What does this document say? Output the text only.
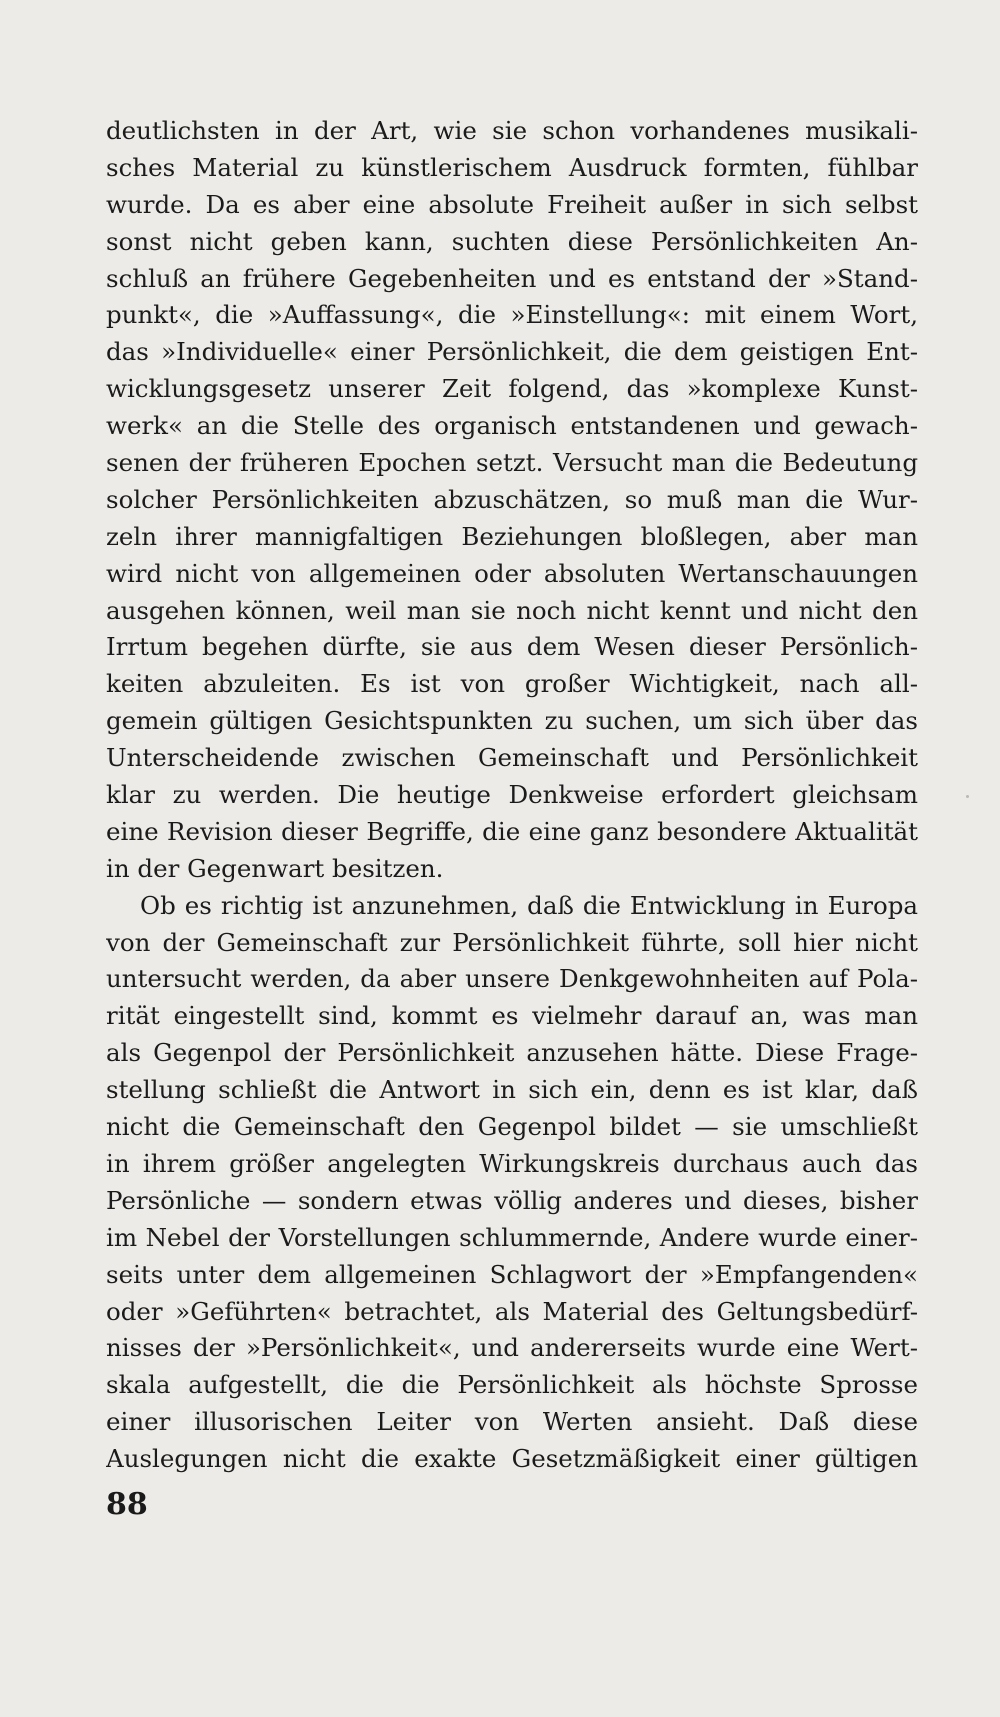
deutlichsten in der Art, wie sie schon vorhandenes musikali-
sches Material zu künstlerischem Ausdruck formten, fühlbar
wurde. Da es aber eine absolute Freiheit außer in sich selbst
sonst nicht geben kann, suchten diese Persönlichkeiten An-
schluß an frühere Gegebenheiten und es entstand der »Stand-
punkt«, die »Auffassung«, die »Einstellung«: mit einem Wort,
das »Individuelle« einer Persönlichkeit, die dem geistigen Ent-
wicklungsgesetz unserer Zeit folgend, das »komplexe Kunst-
werk« an die Stelle des organisch entstandenen und gewach-
senen der früheren Epochen setzt. Versucht man die Bedeutung
solcher Persönlichkeiten abzuschätzen, so muß man die Wur-
zeln ihrer mannigfaltigen Beziehungen bloßlegen, aber man
wird nicht von allgemeinen oder absoluten Wertanschauungen
ausgehen können, weil man sie noch nicht kennt und nicht den
Irrtum begehen dürfte, sie aus dem Wesen dieser Persönlich-
keiten abzuleiten. Es ist von großer Wichtigkeit, nach all-
gemein gültigen Gesichtspunkten zu suchen, um sich über das
Unterscheidende zwischen Gemeinschaft und Persönlichkeit
klar zu werden. Die heutige Denkweise erfordert gleichsam
eine Revision dieser Begriffe, die eine ganz besondere Aktualität
in der Gegenwart besitzen.
Ob es richtig ist anzunehmen, daß die Entwicklung in Europa
von der Gemeinschaft zur Persönlichkeit führte, soll hier nicht
untersucht werden, da aber unsere Denkgewohnheiten auf Pola-
rität eingestellt sind, kommt es vielmehr darauf an, was man
als Gegenpol der Persönlichkeit anzusehen hätte. Diese Frage-
stellung schließt die Antwort in sich ein, denn es ist klar, daß
nicht die Gemeinschaft den Gegenpol bildet — sie umschließt
in ihrem größer angelegten Wirkungskreis durchaus auch das
Persönliche — sondern etwas völlig anderes und dieses, bisher
im Nebel der Vorstellungen schlummernde, Andere wurde einer-
seits unter dem allgemeinen Schlagwort der »Empfangenden«
oder »Geführten« betrachtet, als Material des Geltungsbedürf-
nisses der »Persönlichkeit«, und andererseits wurde eine Wert-
skala aufgestellt, die die Persönlichkeit als höchste Sprosse
einer illusorischen Leiter von Werten ansieht. Daß diese
Auslegungen nicht die exakte Gesetzmäßigkeit einer gültigen
88
